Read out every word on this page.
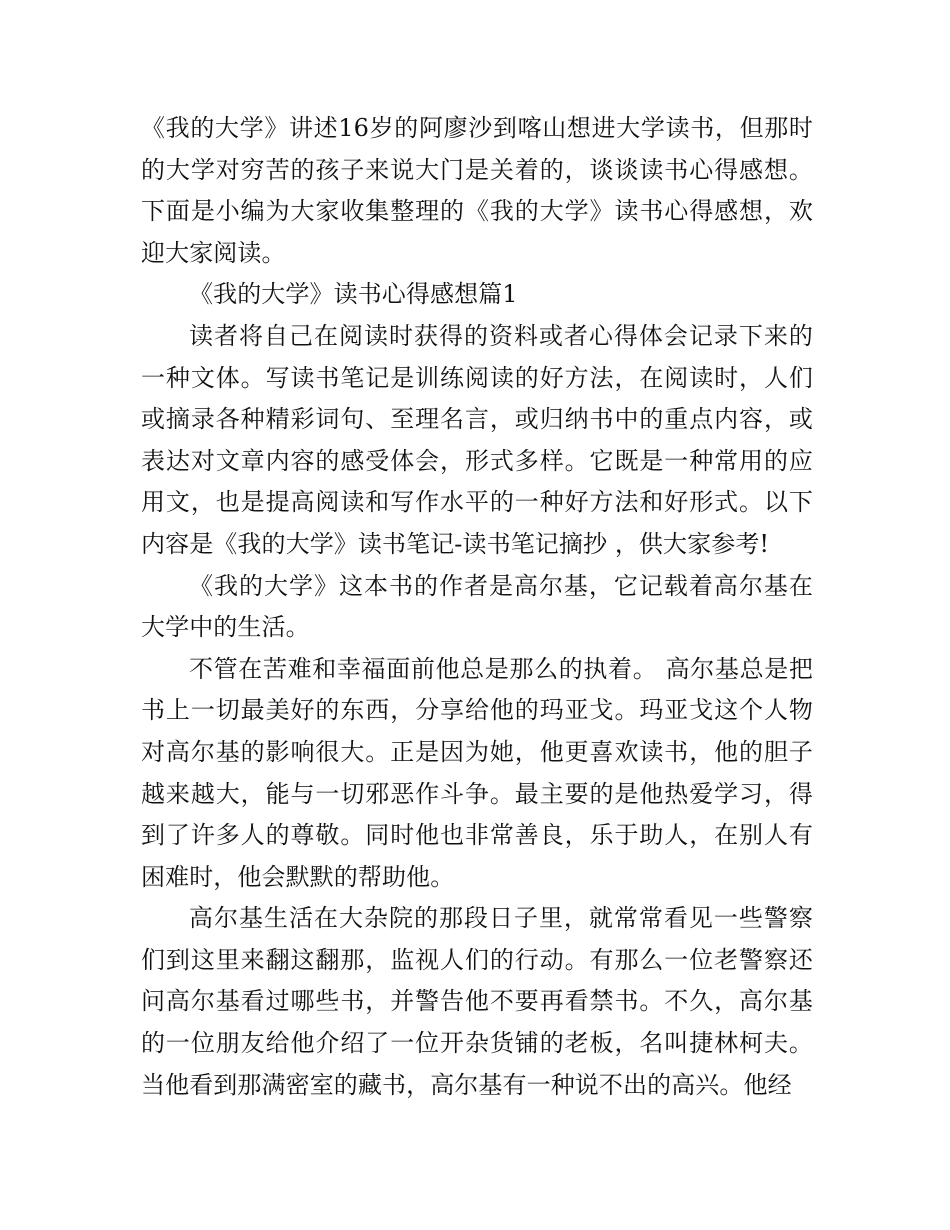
《我的大学》讲述16岁的阿廖沙到喀山想进大学读书，但那时的大学对穷苦的孩子来说大门是关着的，谈谈读书心得感想。下面是小编为大家收集整理的《我的大学》读书心得感想，欢迎大家阅读。

《我的大学》读书心得感想篇1

读者将自己在阅读时获得的资料或者心得体会记录下来的一种文体。写读书笔记是训练阅读的好方法，在阅读时，人们或摘录各种精彩词句、至理名言，或归纳书中的重点内容，或表达对文章内容的感受体会，形式多样。它既是一种常用的应用文，也是提高阅读和写作水平的一种好方法和好形式。以下内容是《我的大学》读书笔记-读书笔记摘抄 ，供大家参考!

《我的大学》这本书的作者是高尔基，它记载着高尔基在大学中的生活。

不管在苦难和幸福面前他总是那么的执着。 高尔基总是把书上一切最美好的东西，分享给他的玛亚戈。玛亚戈这个人物对高尔基的影响很大。正是因为她，他更喜欢读书，他的胆子越来越大，能与一切邪恶作斗争。最主要的是他热爱学习，得到了许多人的尊敬。同时他也非常善良，乐于助人，在别人有困难时，他会默默的帮助他。

高尔基生活在大杂院的那段日子里，就常常看见一些警察们到这里来翻这翻那，监视人们的行动。有那么一位老警察还问高尔基看过哪些书，并警告他不要再看禁书。不久，高尔基的一位朋友给他介绍了一位开杂货铺的老板，名叫捷林柯夫。当他看到那满密室的藏书，高尔基有一种说不出的高兴。他经
